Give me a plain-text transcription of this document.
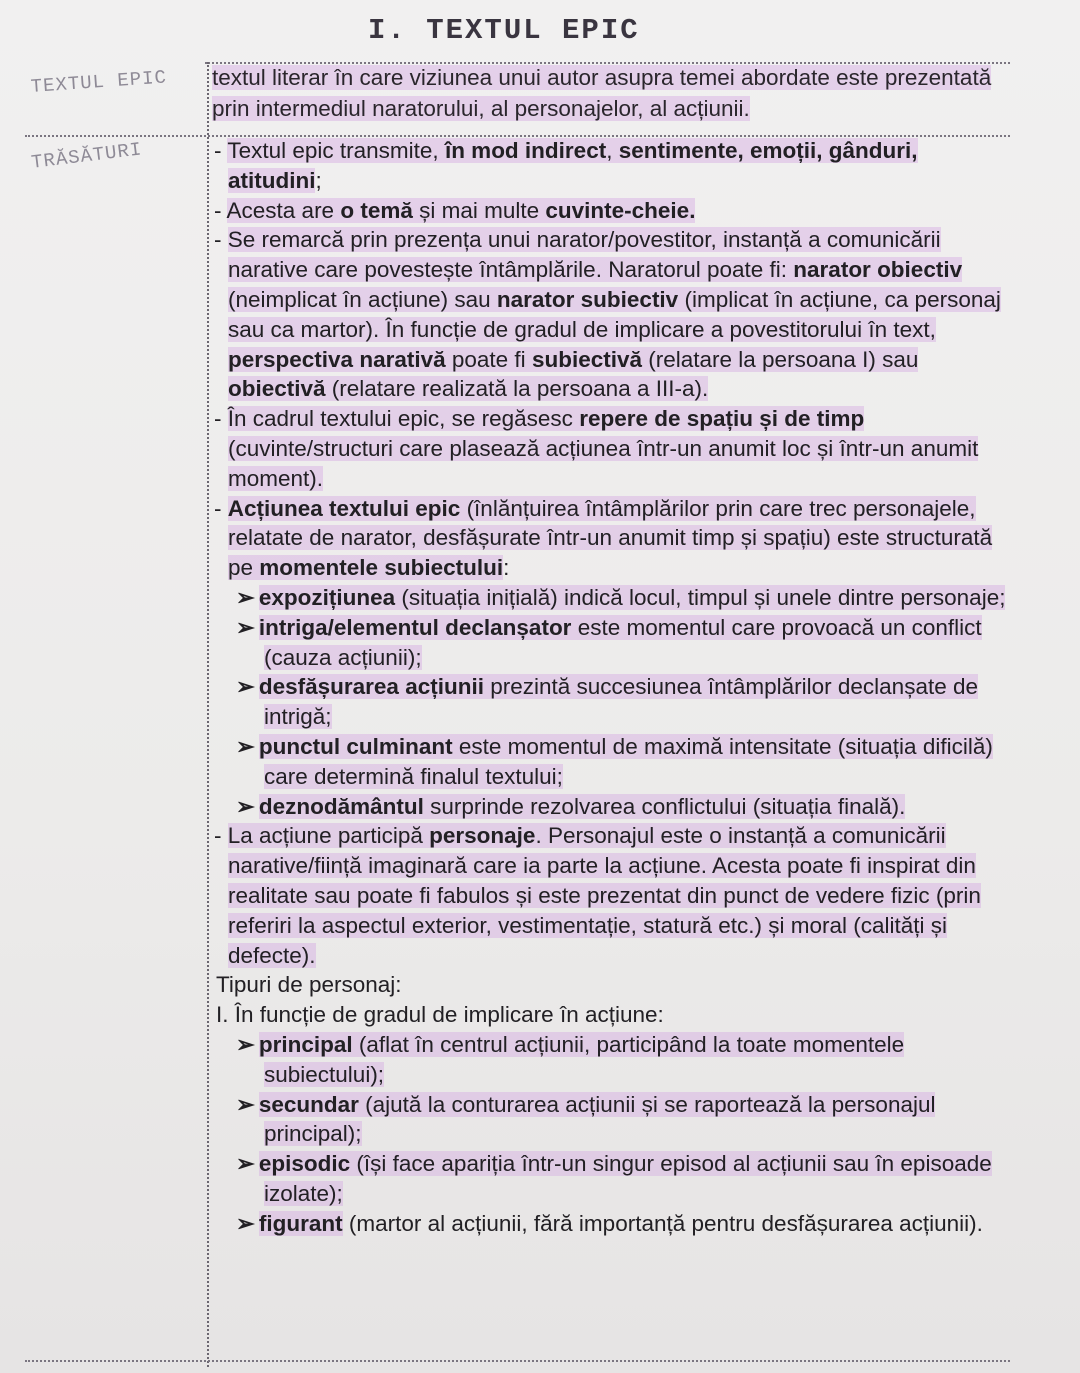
I. TEXTUL EPIC
TEXTUL EPIC
TRĂSĂTURI
textul literar în care viziunea unui autor asupra temei abordate este prezentată prin intermediul naratorului, al personajelor, al acțiunii.

- Textul epic transmite, în mod indirect, sentimente, emoții, gânduri, atitudini;

- Acesta are o temă și mai multe cuvinte-cheie.

- Se remarcă prin prezența unui narator/povestitor, instanță a comunicării narative care povestește întâmplările. Naratorul poate fi: narator obiectiv (neimplicat în acțiune) sau narator subiectiv (implicat în acțiune, ca personaj sau ca martor). În funcție de gradul de implicare a povestitorului în text, perspectiva narativă poate fi subiectivă (relatare la persoana I) sau obiectivă (relatare realizată la persoana a III-a).

- În cadrul textului epic, se regăsesc repere de spațiu și de timp (cuvinte/structuri care plasează acțiunea într-un anumit loc și într-un anumit moment).

- Acțiunea textului epic (înlănțuirea întâmplărilor prin care trec personajele, relatate de narator, desfășurate într-un anumit timp și spațiu) este structurată pe momentele subiectului:

➢ expozițiunea (situația inițială) indică locul, timpul și unele dintre personaje;

➢ intriga/elementul declanșator este momentul care provoacă un conflict (cauza acțiunii);

➢ desfășurarea acțiunii prezintă succesiunea întâmplărilor declanșate de intrigă;

➢ punctul culminant este momentul de maximă intensitate (situația dificilă) care determină finalul textului;

➢ deznodământul surprinde rezolvarea conflictului (situația finală).

- La acțiune participă personaje. Personajul este o instanță a comunicării narative/ființă imaginară care ia parte la acțiune. Acesta poate fi inspirat din realitate sau poate fi fabulos și este prezentat din punct de vedere fizic (prin referiri la aspectul exterior, vestimentație, statură etc.) și moral (calități și defecte).

Tipuri de personaj:

I. În funcție de gradul de implicare în acțiune:

➢ principal (aflat în centrul acțiunii, participând la toate momentele subiectului);

➢ secundar (ajută la conturarea acțiunii și se raportează la personajul principal);

➢ episodic (își face apariția într-un singur episod al acțiunii sau în episoade izolate);

➢ figurant (martor al acțiunii, fără importanță pentru desfășurarea acțiunii).
